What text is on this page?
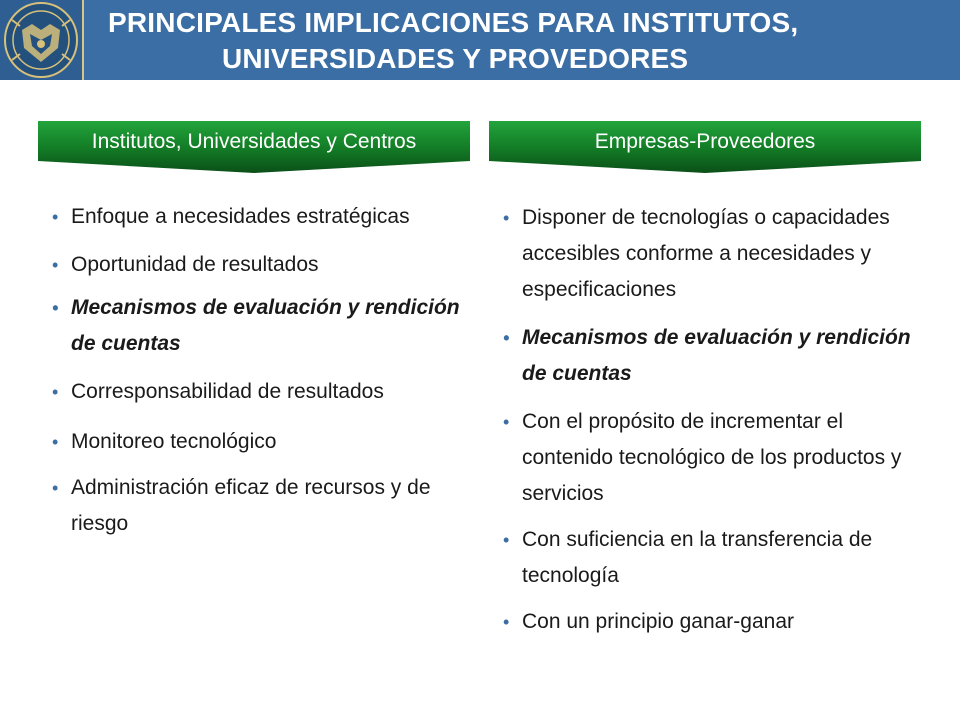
PRINCIPALES IMPLICACIONES PARA INSTITUTOS,
UNIVERSIDADES Y PROVEDORES
Institutos, Universidades y Centros	Empresas-Proveedores
• Enfoque a necesidades estratégicas
• Oportunidad de resultados
• Mecanismos de evaluación y rendición de cuentas
• Corresponsabilidad de resultados
• Monitoreo tecnológico
• Administración eficaz de recursos y de riesgo
• Disponer de tecnologías o capacidades accesibles conforme a necesidades y especificaciones
• Mecanismos de evaluación y rendición de cuentas
• Con el propósito de incrementar el contenido tecnológico de los productos y servicios
• Con suficiencia en la transferencia de tecnología
• Con un principio ganar-ganar
